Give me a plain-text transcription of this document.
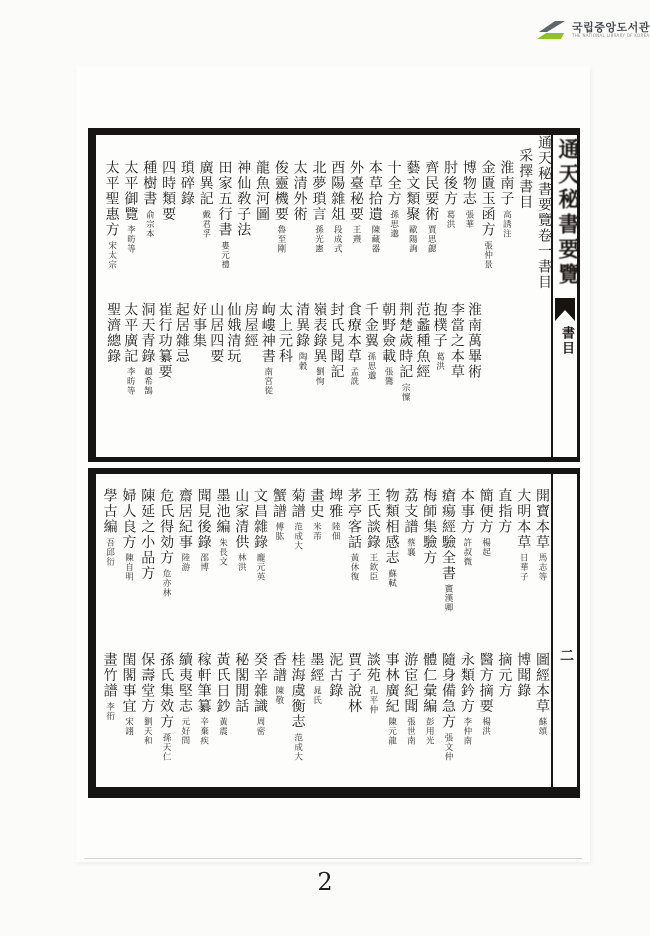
국립중앙도서관
THE NATIONAL LIBRARY OF KOREA
通天秘書要覽
書目
二
通天秘書要覽卷一書目
采擇書目
淮南子高誘注
金匱玉函方張仲景
博物志張華
肘後方葛洪
齊民要術賈思勰
藝文類聚歐陽詢
十全方孫思邈
本草拾遺陳藏器
外臺秘要王燾
酉陽雜俎段成式
北夢瑣言孫光憲
太清外術
俊靈機要魯至剛
龍魚河圖
神仙敎子法
田家五行書婁元禮
廣異記戴君孚
瑣碎錄
四時類要
種樹書俞宗本
太平御覽李昉等
太平聖惠方宋太宗
淮南萬畢術
李當之本草
抱樸子葛洪
范蠡種魚經
荆楚歲時記宗懍
朝野僉載張鷟
千金翼孫思邈
食療本草孟詵
封氏見聞記
嶺表錄異劉恂
清異錄陶穀
太上元科
岣嶁神書南宮從
房屋經
仙娥清玩
山居四要
好事集
起居雜忌
崔行功纂要
洞天青錄趙希鵠
太平廣記李昉等
聖濟總錄
開寶本草馬志等
大明本草日華子
直指方
簡便方楊起
本事方許叔微
瘡瘍經驗全書竇漢卿
梅師集驗方
荔支譜蔡襄
物類相感志蘇軾
王氏談錄王欽臣
茅亭客話黃休復
埤雅陸佃
畫史米芾
菊譜范成大
蟹譜傅肱
文昌雜錄龐元英
山家清供林洪
墨池編朱長文
聞見後錄邵博
齋居紀事陸游
危氏得効方危亦林
陳延之小品方
婦人良方陳自明
學古編吾邱衍
圖經本草蘇頌
博聞錄
摘元方
醫方摘要楊洪
永類鈐方李仲南
隨身備急方張文仲
體仁彙編彭用光
游宦紀聞張世南
事林廣紀陳元龍
談苑孔平仲
賈子說林
泥古錄
墨經晁氏
桂海虞衡志范成大
香譜陳敬
癸辛雜識周密
秘閣閒話
黃氏日鈔黃震
稼軒筆纂辛棄疾
續夷堅志元好問
孫氏集效方孫天仁
保壽堂方劉天和
閨閣事宜宋詡
畫竹譜李衎
2
